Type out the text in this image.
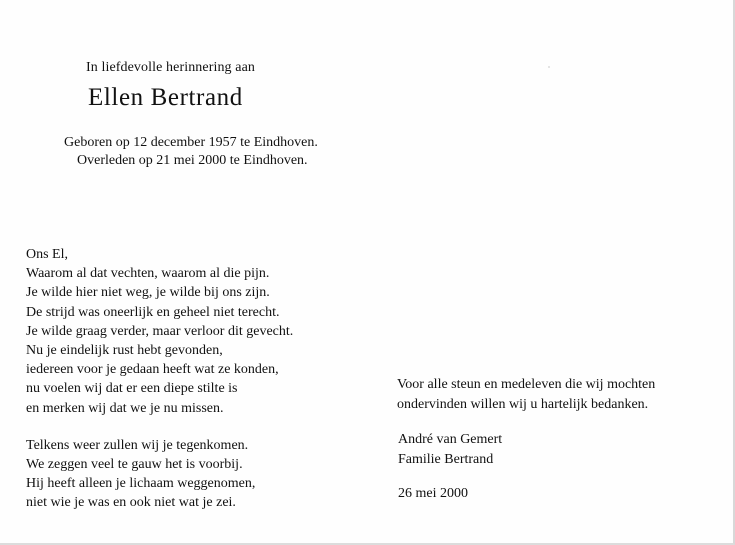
In liefdevolle herinnering aan
Ellen Bertrand
Geboren op 12 december 1957 te Eindhoven.
Overleden op 21 mei 2000 te Eindhoven.
Ons El,
Waarom al dat vechten, waarom al die pijn.
Je wilde hier niet weg, je wilde bij ons zijn.
De strijd was oneerlijk en geheel niet terecht.
Je wilde graag verder, maar verloor dit gevecht.
Nu je eindelijk rust hebt gevonden,
iedereen voor je gedaan heeft wat ze konden,
nu voelen wij dat er een diepe stilte is
en merken wij dat we je nu missen.
Telkens weer zullen wij je tegenkomen.
We zeggen veel te gauw het is voorbij.
Hij heeft alleen je lichaam weggenomen,
niet wie je was en ook niet wat je zei.
Voor alle steun en medeleven die wij mochten
ondervinden willen wij u hartelijk bedanken.
André van Gemert
Familie Bertrand
26 mei 2000
